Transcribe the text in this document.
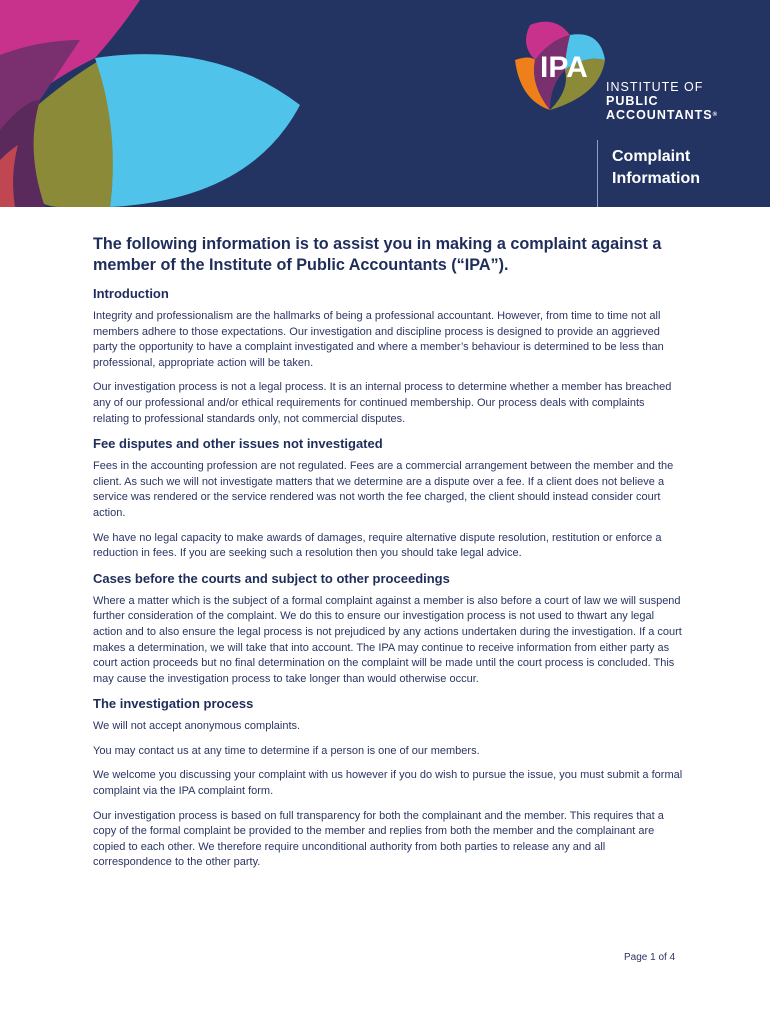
IPA
INSTITUTE OF
PUBLIC
ACCOUNTANTS®
Complaint
Information
The following information is to assist you in making a complaint against a member of the Institute of Public Accountants (“IPA”).
Introduction

Integrity and professionalism are the hallmarks of being a professional accountant. However, from time to time not all members adhere to those expectations. Our investigation and discipline process is designed to provide an aggrieved party the opportunity to have a complaint investigated and where a member’s behaviour is determined to be less than professional, appropriate action will be taken.

Our investigation process is not a legal process. It is an internal process to determine whether a member has breached any of our professional and/or ethical requirements for continued membership. Our process deals with complaints relating to professional standards only, not commercial disputes.

Fee disputes and other issues not investigated

Fees in the accounting profession are not regulated. Fees are a commercial arrangement between the member and the client. As such we will not investigate matters that we determine are a dispute over a fee. If a client does not believe a service was rendered or the service rendered was not worth the fee charged, the client should instead consider court action.

We have no legal capacity to make awards of damages, require alternative dispute resolution, restitution or enforce a reduction in fees. If you are seeking such a resolution then you should take legal advice.

Cases before the courts and subject to other proceedings

Where a matter which is the subject of a formal complaint against a member is also before a court of law we will suspend further consideration of the complaint. We do this to ensure our investigation process is not used to thwart any legal action and to also ensure the legal process is not prejudiced by any actions undertaken during the investigation. If a court makes a determination, we will take that into account. The IPA may continue to receive information from either party as court action proceeds but no final determination on the complaint will be made until the court process is concluded. This may cause the investigation process to take longer than would otherwise occur.

The investigation process

We will not accept anonymous complaints.

You may contact us at any time to determine if a person is one of our members.

We welcome you discussing your complaint with us however if you do wish to pursue the issue, you must submit a formal complaint via the IPA complaint form.

Our investigation process is based on full transparency for both the complainant and the member. This requires that a copy of the formal complaint be provided to the member and replies from both the member and the complainant are copied to each other. We therefore require unconditional authority from both parties to release any and all correspondence to the other party.

Page 1 of 4
